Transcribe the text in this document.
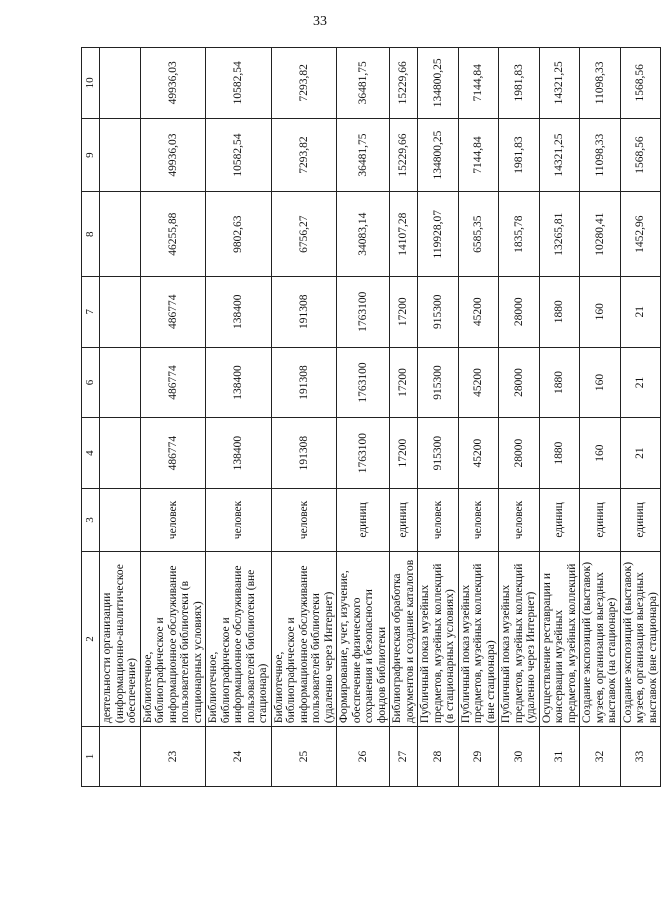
33
1	2	3	4	6	7	8	9	10
	деятельности организации (информационно-аналитическое обеспечение)							
23	Библиотечное, библиографическое и информационное обслуживание пользователей библиотеки (в стационарных условиях)	человек	486774	486774	486774	46255,88	49936,03	49936,03
24	Библиотечное, библиографическое и информационное обслуживание пользователей библиотеки (вне стационара)	человек	138400	138400	138400	9802,63	10582,54	10582,54
25	Библиотечное, библиографическое и информационное обслуживание пользователей библиотеки (удаленно через Интернет)	человек	191308	191308	191308	6756,27	7293,82	7293,82
26	Формирование, учет, изучение, обеспечение физического сохранения и безопасности фондов библиотеки	единиц	1763100	1763100	1763100	34083,14	36481,75	36481,75
27	Библиографическая обработка документов и создание каталогов	единиц	17200	17200	17200	14107,28	15229,66	15229,66
28	Публичный показ музейных предметов, музейных коллекций (в стационарных условиях)	человек	915300	915300	915300	119928,07	134800,25	134800,25
29	Публичный показ музейных предметов, музейных коллекций (вне стационара)	человек	45200	45200	45200	6585,35	7144,84	7144,84
30	Публичный показ музейных предметов, музейных коллекций (удаленно через Интернет)	человек	28000	28000	28000	1835,78	1981,83	1981,83
31	Осуществление реставрации и консервации музейных предметов, музейных коллекций	единиц	1880	1880	1880	13265,81	14321,25	14321,25
32	Создание экспозиций (выставок) музеев, организация выездных выставок (на стационаре)	единиц	160	160	160	10280,41	11098,33	11098,33
33	Создание экспозиций (выставок) музеев, организация выездных выставок (вне стационара)	единиц	21	21	21	1452,96	1568,56	1568,56
